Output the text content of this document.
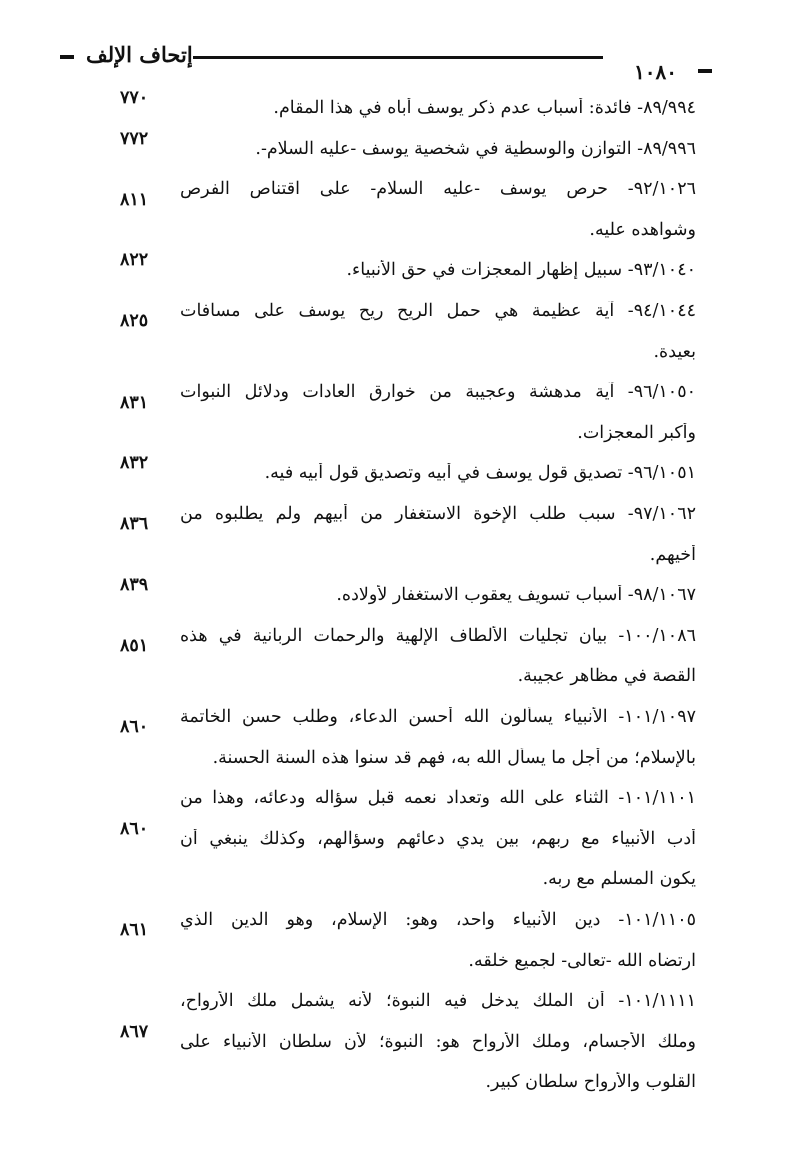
إتحاف الإلف
١٠٨٠
٨٩/٩٩٤- فائدة: أسباب عدم ذكر يوسف أباه في هذا المقام.
٧٧٠
٨٩/٩٩٦- التوازن والوسطية في شخصية يوسف -عليه السلام-.
٧٧٢
٩٢/١٠٢٦- حرص يوسف -عليه السلام- على اقتناص الفرص
وشواهده عليه.
٨١١
٩٣/١٠٤٠- سبيل إظهار المعجزات في حق الأنبياء.
٨٢٢
٩٤/١٠٤٤- آية عظيمة هي حمل الريح ريح يوسف على مسافات
بعيدة.
٨٢٥
٩٦/١٠٥٠- آية مدهشة وعجيبة من خوارق العادات ودلائل النبوات
وأكبر المعجزات.
٨٣١
٩٦/١٠٥١- تصديق قول يوسف في أبيه وتصديق قول أبيه فيه.
٨٣٢
٩٧/١٠٦٢- سبب طلب الإخوة الاستغفار من أبيهم ولم يطلبوه من
أخيهم.
٨٣٦
٩٨/١٠٦٧- أسباب تسويف يعقوب الاستغفار لأولاده.
٨٣٩
١٠٠/١٠٨٦- بيان تجليات الألطاف الإلهية والرحمات الربانية في هذه
القصة في مظاهر عجيبة.
٨٥١
١٠١/١٠٩٧- الأنبياء يسألون الله أحسن الدعاء، وطلب حسن الخاتمة
بالإسلام؛ من أجل ما يسأل الله به، فهم قد سنوا هذه السنة الحسنة.
٨٦٠
١٠١/١١٠١- الثناء على الله وتعداد نعمه قبل سؤاله ودعائه، وهذا من
أدب الأنبياء مع ربهم، بين يدي دعائهم وسؤالهم، وكذلك ينبغي أن
يكون المسلم مع ربه.
٨٦٠
١٠١/١١٠٥- دين الأنبياء واحد، وهو: الإسلام، وهو الدين الذي
ارتضاه الله -تعالى- لجميع خلقه.
٨٦١
١٠١/١١١١- أن الملك يدخل فيه النبوة؛ لأنه يشمل ملك الأرواح،
وملك الأجسام، وملك الأرواح هو: النبوة؛ لأن سلطان الأنبياء على
القلوب والأرواح سلطان كبير.
٨٦٧
